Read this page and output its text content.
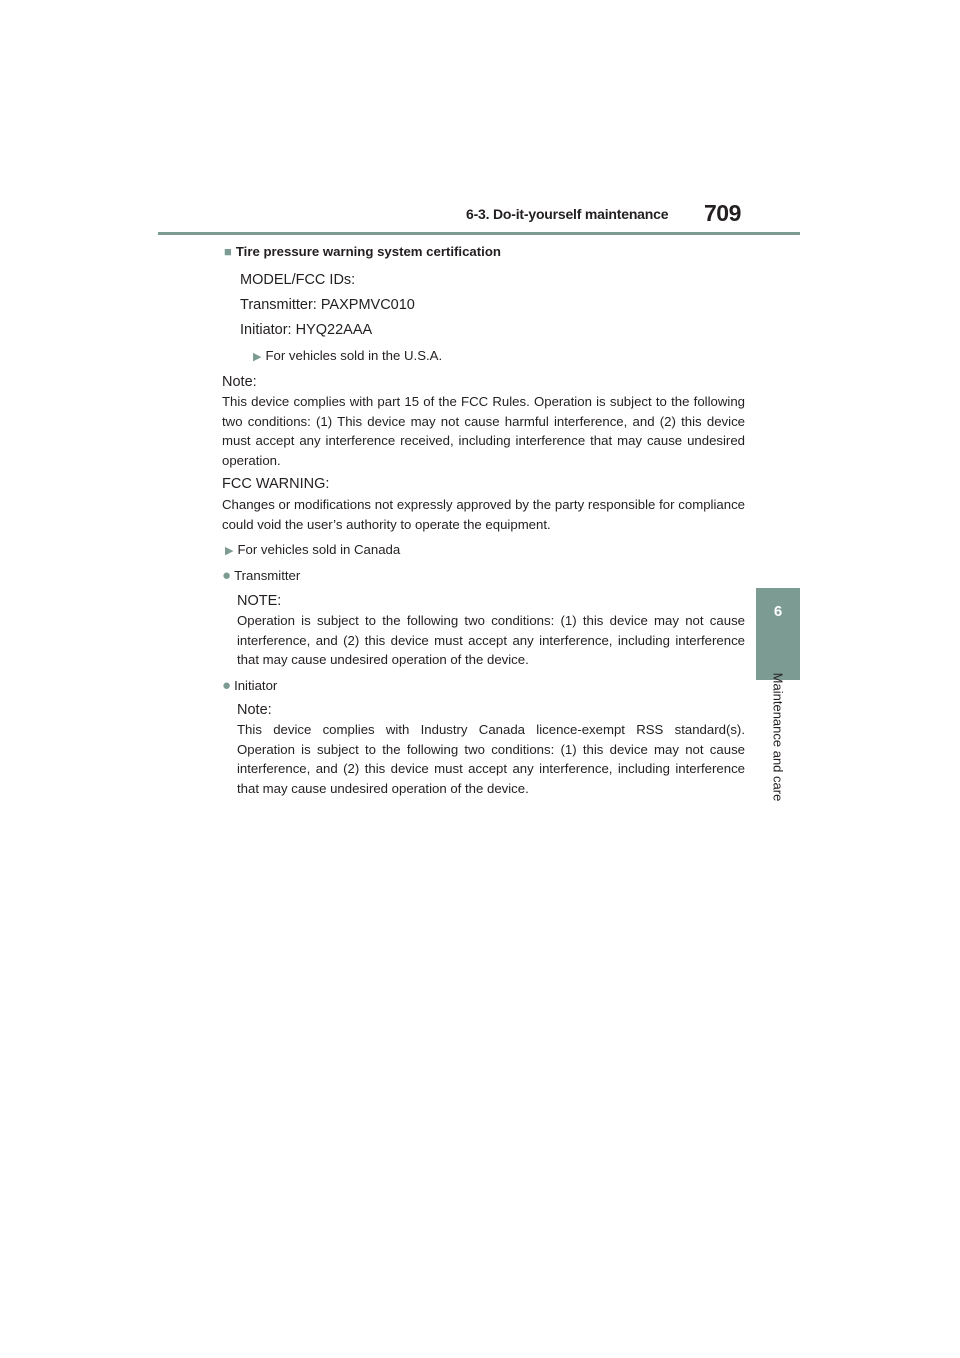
6-3. Do-it-yourself maintenance 709
6
Maintenance and care
■ Tire pressure warning system certification
MODEL/FCC IDs:
Transmitter: PAXPMVC010
Initiator: HYQ22AAA
▶ For vehicles sold in the U.S.A.
Note:
This device complies with part 15 of the FCC Rules. Operation is subject to the following two conditions: (1) This device may not cause harmful interference, and (2) this device must accept any interference received, including interference that may cause undesired operation.
FCC WARNING:
Changes or modifications not expressly approved by the party responsible for compliance could void the user’s authority to operate the equipment.
▶ For vehicles sold in Canada
● Transmitter
NOTE:
Operation is subject to the following two conditions: (1) this device may not cause interference, and (2) this device must accept any interference, including interference that may cause undesired operation of the device.
● Initiator
Note:
This device complies with Industry Canada licence-exempt RSS standard(s). Operation is subject to the following two conditions: (1) this device may not cause interference, and (2) this device must accept any interference, including interference that may cause undesired operation of the device.
